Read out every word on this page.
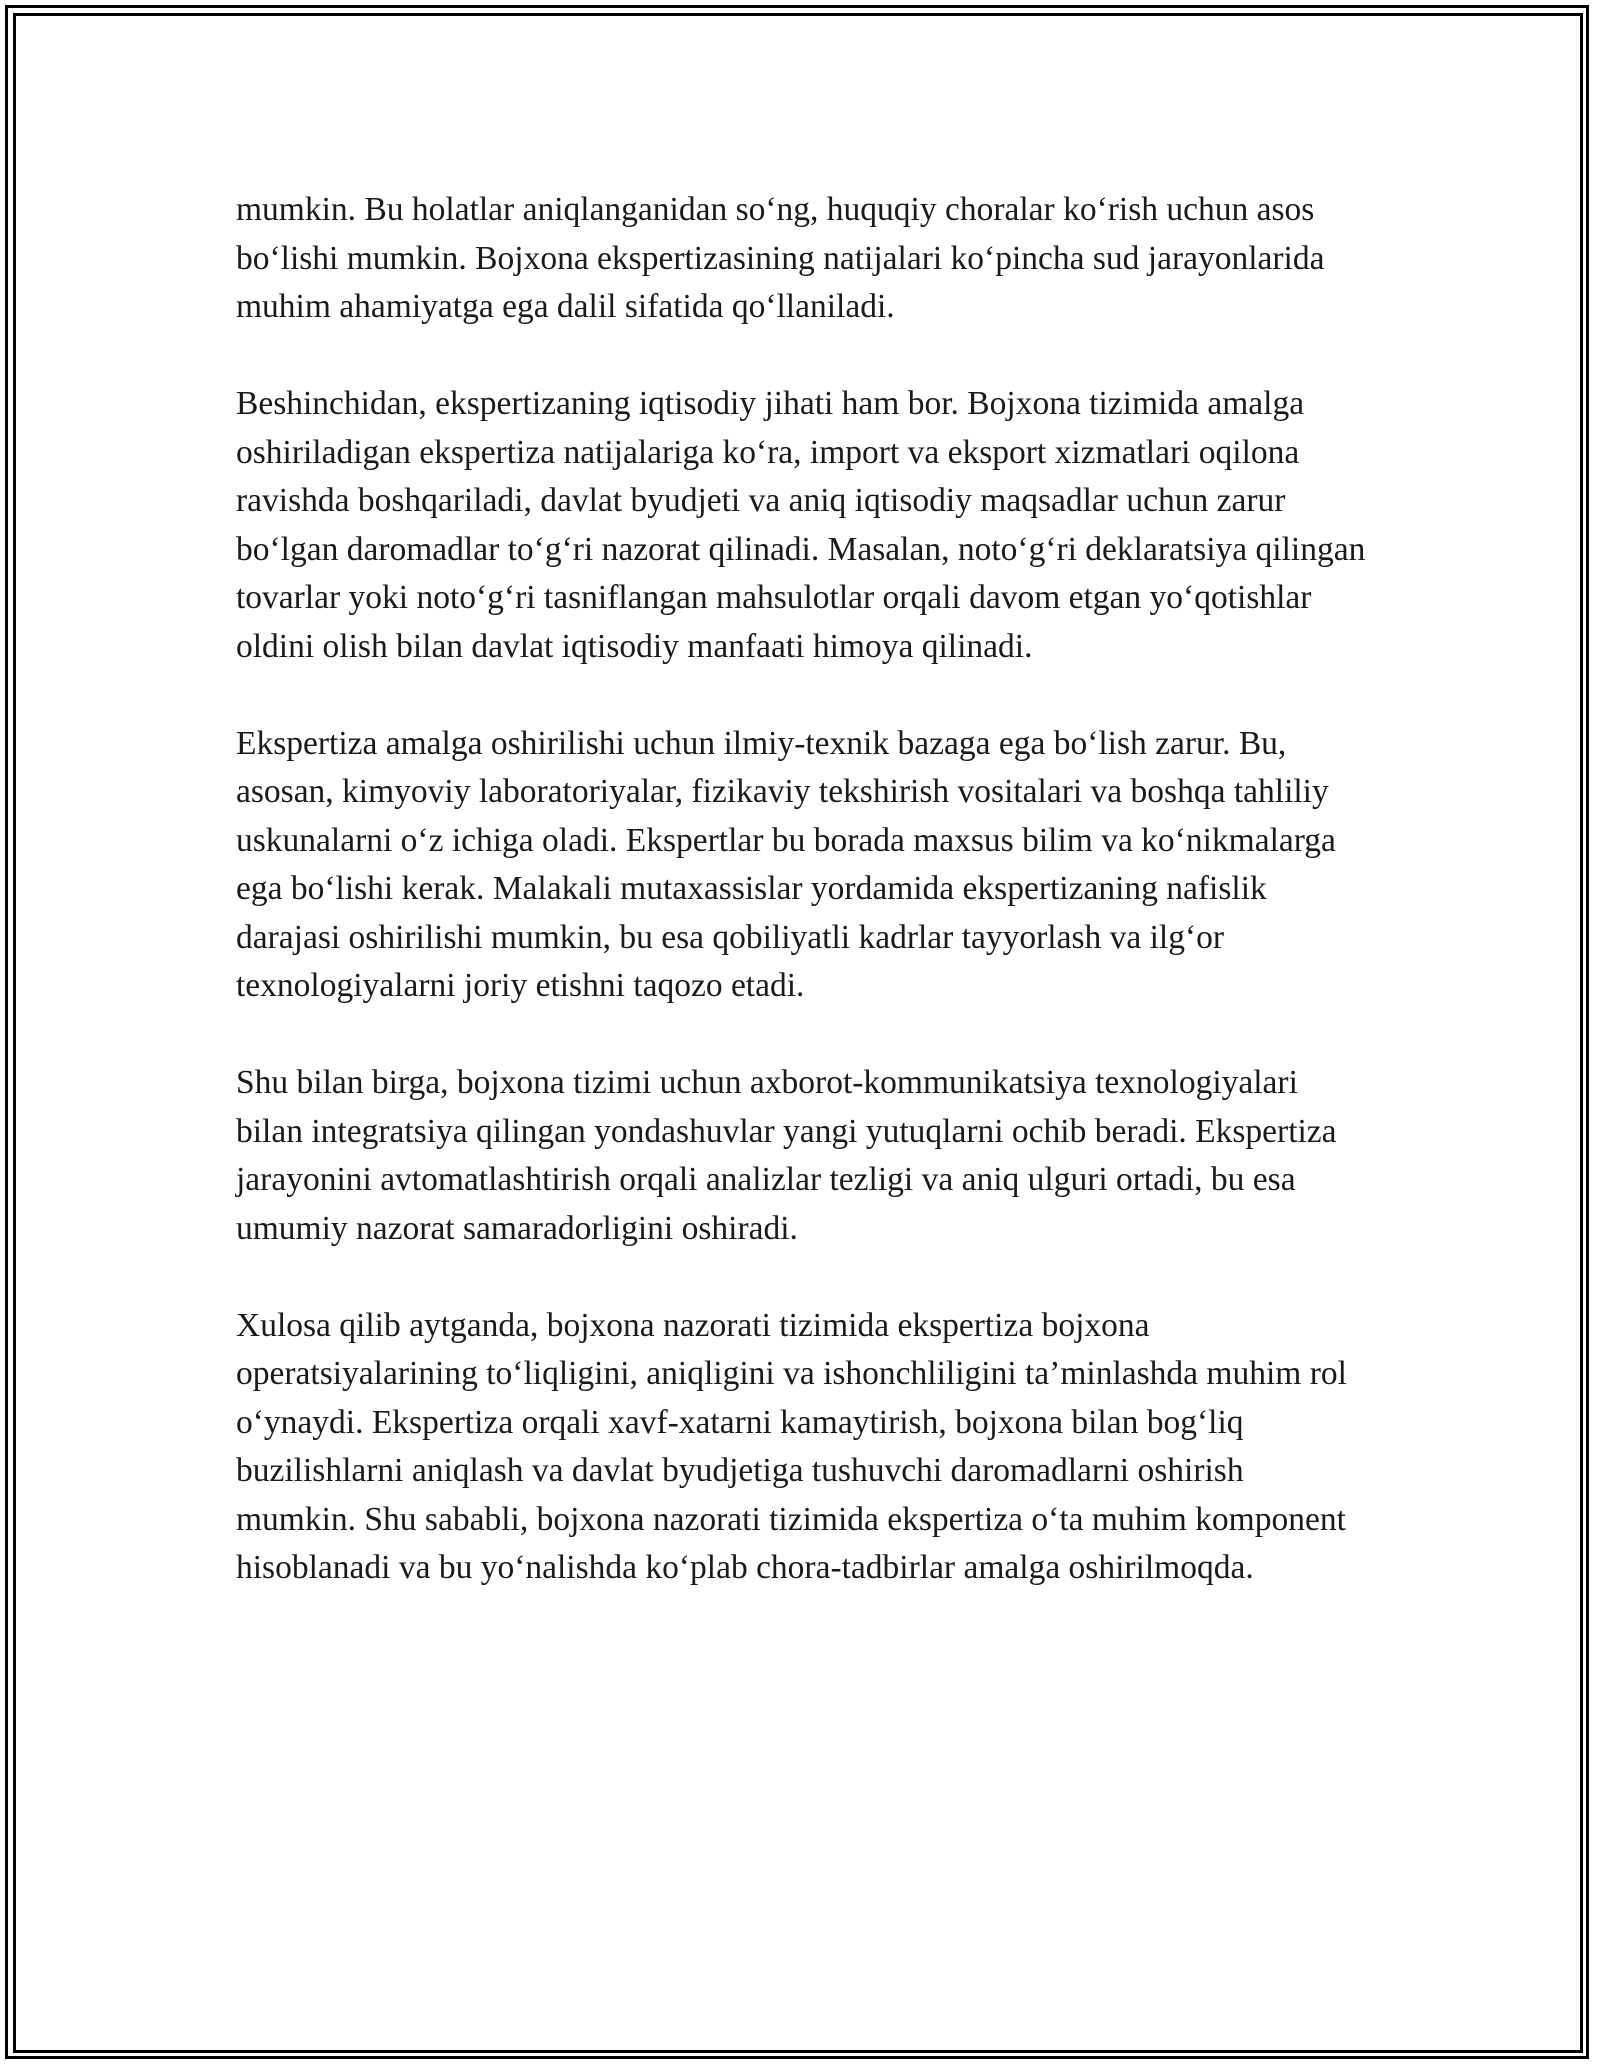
mumkin. Bu holatlar aniqlanganidan so‘ng, huquqiy choralar ko‘rish uchun asos bo‘lishi mumkin. Bojxona ekspertizasining natijalari ko‘pincha sud jarayonlarida muhim ahamiyatga ega dalil sifatida qo‘llaniladi.

Beshinchidan, ekspertizaning iqtisodiy jihati ham bor. Bojxona tizimida amalga oshiriladigan ekspertiza natijalariga ko‘ra, import va eksport xizmatlari oqilona ravishda boshqariladi, davlat byudjeti va aniq iqtisodiy maqsadlar uchun zarur bo‘lgan daromadlar to‘g‘ri nazorat qilinadi. Masalan, noto‘g‘ri deklaratsiya qilingan tovarlar yoki noto‘g‘ri tasniflangan mahsulotlar orqali davom etgan yo‘qotishlar oldini olish bilan davlat iqtisodiy manfaati himoya qilinadi.

Ekspertiza amalga oshirilishi uchun ilmiy-texnik bazaga ega bo‘lish zarur. Bu, asosan, kimyoviy laboratoriyalar, fizikaviy tekshirish vositalari va boshqa tahliliy uskunalarni o‘z ichiga oladi. Ekspertlar bu borada maxsus bilim va ko‘nikmalarga ega bo‘lishi kerak. Malakali mutaxassislar yordamida ekspertizaning nafislik darajasi oshirilishi mumkin, bu esa qobiliyatli kadrlar tayyorlash va ilg‘or texnologiyalarni joriy etishni taqozo etadi.

Shu bilan birga, bojxona tizimi uchun axborot-kommunikatsiya texnologiyalari bilan integratsiya qilingan yondashuvlar yangi yutuqlarni ochib beradi. Ekspertiza jarayonini avtomatlashtirish orqali analizlar tezligi va aniq ulguri ortadi, bu esa umumiy nazorat samaradorligini oshiradi.

Xulosa qilib aytganda, bojxona nazorati tizimida ekspertiza bojxona operatsiyalarining to‘liqligini, aniqligini va ishonchliligini ta’minlashda muhim rol o‘ynaydi. Ekspertiza orqali xavf-xatarni kamaytirish, bojxona bilan bog‘liq buzilishlarni aniqlash va davlat byudjetiga tushuvchi daromadlarni oshirish mumkin. Shu sababli, bojxona nazorati tizimida ekspertiza o‘ta muhim komponent hisoblanadi va bu yo‘nalishda ko‘plab chora-tadbirlar amalga oshirilmoqda.
